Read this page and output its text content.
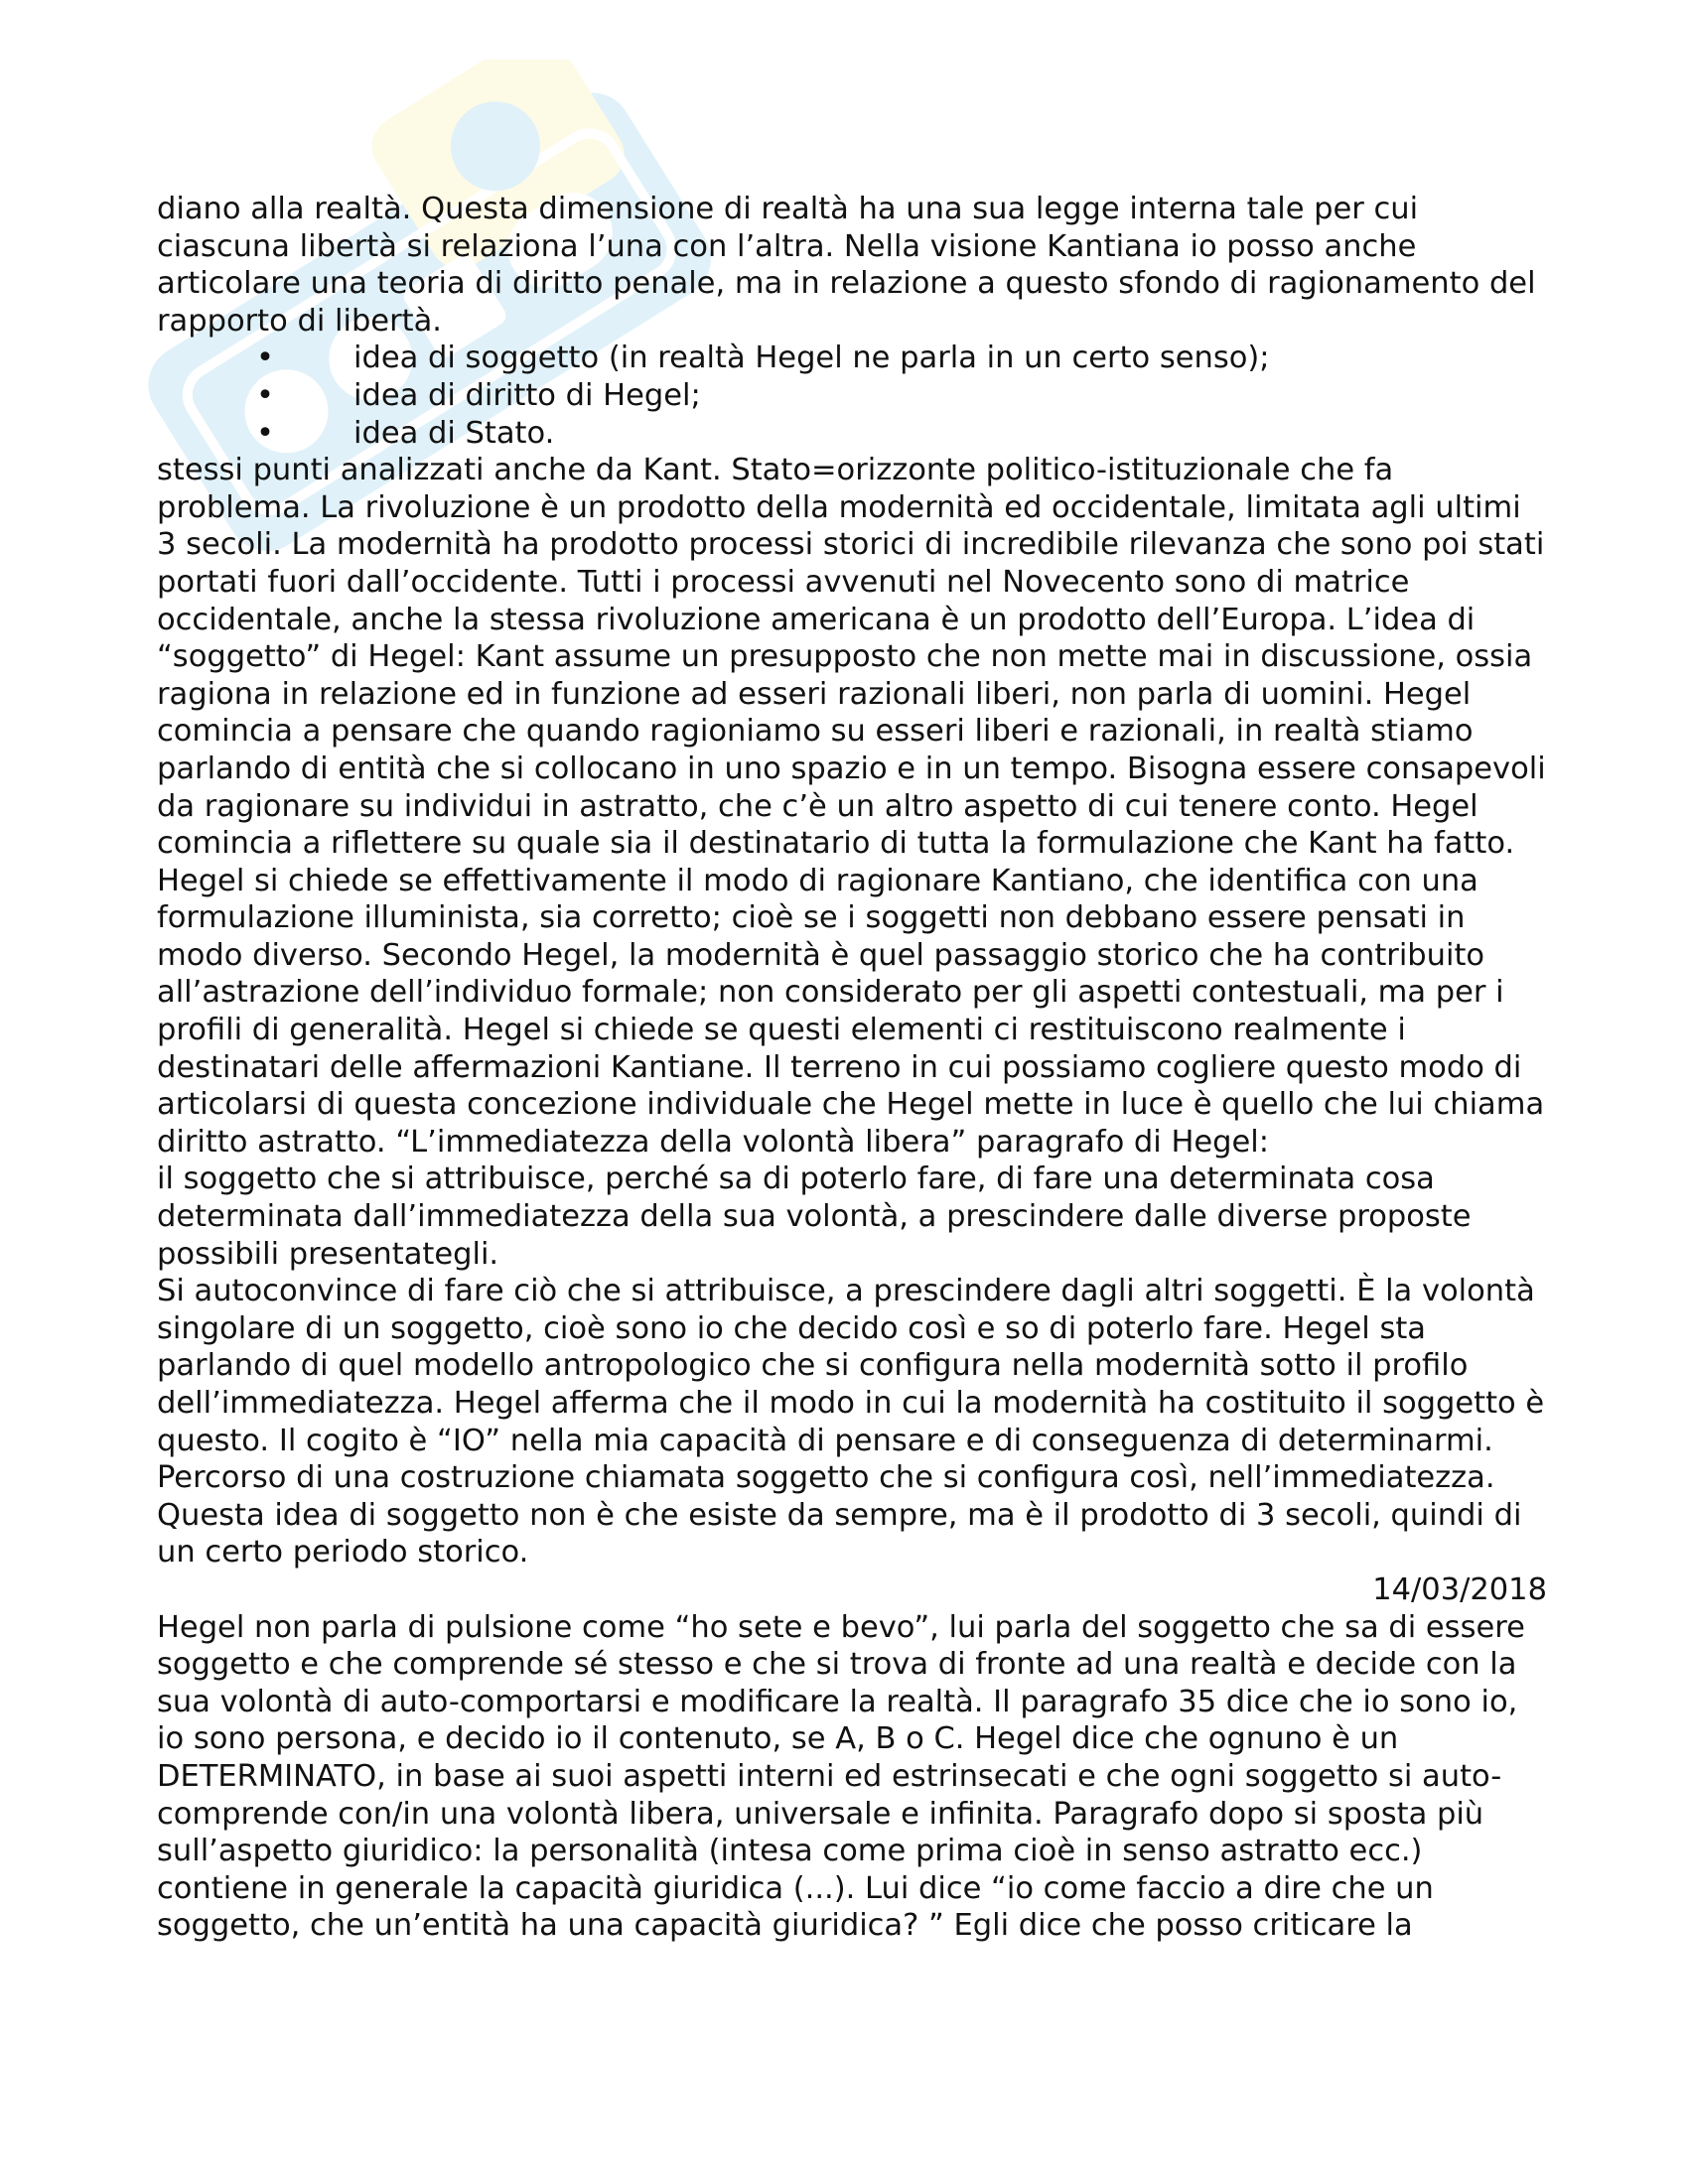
diano alla realtà. Questa dimensione di realtà ha una sua legge interna tale per cui ciascuna libertà si relaziona l’una con l’altra. Nella visione Kantiana io posso anche articolare una teoria di diritto penale, ma in relazione a questo sfondo di ragionamento del rapporto di libertà.

•	idea di soggetto (in realtà Hegel ne parla in un certo senso);
•	idea di diritto di Hegel;
•	idea di Stato.

stessi punti analizzati anche da Kant. Stato=orizzonte politico-istituzionale che fa problema. La rivoluzione è un prodotto della modernità ed occidentale, limitata agli ultimi 3 secoli. La modernità ha prodotto processi storici di incredibile rilevanza che sono poi stati portati fuori dall’occidente. Tutti i processi avvenuti nel Novecento sono di matrice occidentale, anche la stessa rivoluzione americana è un prodotto dell’Europa. L’idea di “soggetto” di Hegel: Kant assume un presupposto che non mette mai in discussione, ossia ragiona in relazione ed in funzione ad esseri razionali liberi, non parla di uomini. Hegel comincia a pensare che quando ragioniamo su esseri liberi e razionali, in realtà stiamo parlando di entità che si collocano in uno spazio e in un tempo. Bisogna essere consapevoli da ragionare su individui in astratto, che c’è un altro aspetto di cui tenere conto. Hegel comincia a riflettere su quale sia il destinatario di tutta la formulazione che Kant ha fatto. Hegel si chiede se effettivamente il modo di ragionare Kantiano, che identifica con una formulazione illuminista, sia corretto; cioè se i soggetti non debbano essere pensati in modo diverso. Secondo Hegel, la modernità è quel passaggio storico che ha contribuito all’astrazione dell’individuo formale; non considerato per gli aspetti contestuali, ma per i profili di generalità. Hegel si chiede se questi elementi ci restituiscono realmente i destinatari delle affermazioni Kantiane. Il terreno in cui possiamo cogliere questo modo di articolarsi di questa concezione individuale che Hegel mette in luce è quello che lui chiama diritto astratto. “L’immediatezza della volontà libera” paragrafo di Hegel:

il soggetto che si attribuisce, perché sa di poterlo fare, di fare una determinata cosa determinata dall’immediatezza della sua volontà, a prescindere dalle diverse proposte possibili presentategli.

Si autoconvince di fare ciò che si attribuisce, a prescindere dagli altri soggetti. È la volontà singolare di un soggetto, cioè sono io che decido così e so di poterlo fare. Hegel sta parlando di quel modello antropologico che si configura nella modernità sotto il profilo dell’immediatezza. Hegel afferma che il modo in cui la modernità ha costituito il soggetto è questo. Il cogito è “IO” nella mia capacità di pensare e di conseguenza di determinarmi. Percorso di una costruzione chiamata soggetto che si configura così, nell’immediatezza. Questa idea di soggetto non è che esiste da sempre, ma è il prodotto di 3 secoli, quindi di un certo periodo storico.

14/03/2018

Hegel non parla di pulsione come “ho sete e bevo”, lui parla del soggetto che sa di essere soggetto e che comprende sé stesso e che si trova di fronte ad una realtà e decide con la sua volontà di auto-comportarsi e modificare la realtà. Il paragrafo 35 dice che io sono io, io sono persona, e decido io il contenuto, se A, B o C. Hegel dice che ognuno è un DETERMINATO, in base ai suoi aspetti interni ed estrinsecati e che ogni soggetto si auto-comprende con/in una volontà libera, universale e infinita. Paragrafo dopo si sposta più sull’aspetto giuridico: la personalità (intesa come prima cioè in senso astratto ecc.) contiene in generale la capacità giuridica (...). Lui dice “io come faccio a dire che un soggetto, che un’entità ha una capacità giuridica? ” Egli dice che posso criticare la
